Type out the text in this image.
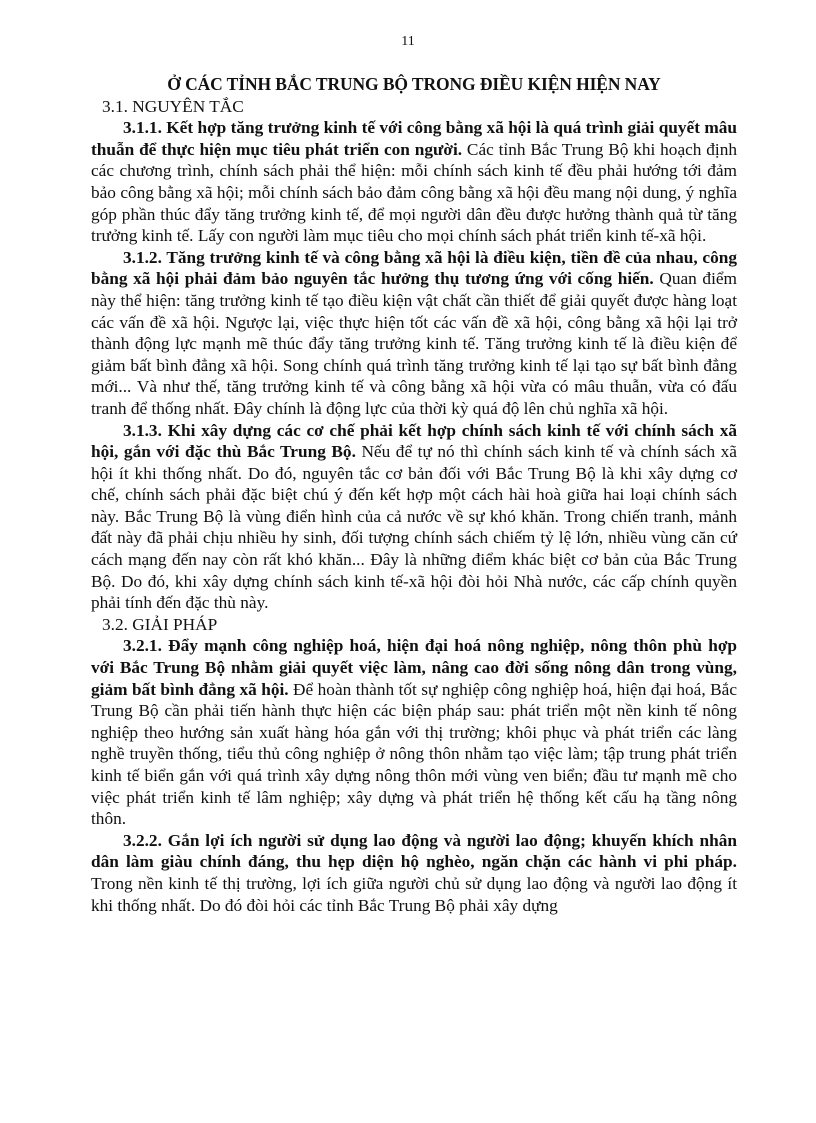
11

Ở CÁC TỈNH BẮC TRUNG BỘ TRONG ĐIỀU KIỆN HIỆN NAY

3.1. NGUYÊN TẮC

3.1.1. Kết hợp tăng trưởng kinh tế với công bằng xã hội là quá trình giải quyết mâu thuẫn để thực hiện mục tiêu phát triển con người. Các tỉnh Bắc Trung Bộ khi hoạch định các chương trình, chính sách phải thể hiện: mỗi chính sách kinh tế đều phải hướng tới đảm bảo công bằng xã hội; mỗi chính sách bảo đảm công bằng xã hội đều mang nội dung, ý nghĩa góp phần thúc đẩy tăng trưởng kinh tế, để mọi người dân đều được hưởng thành quả từ tăng trưởng kinh tế. Lấy con người làm mục tiêu cho mọi chính sách phát triển kinh tế-xã hội.

3.1.2. Tăng trưởng kinh tế và công bằng xã hội là điều kiện, tiền đề của nhau, công bằng xã hội phải đảm bảo nguyên tắc hưởng thụ tương ứng với cống hiến. Quan điểm này thể hiện: tăng trưởng kinh tế tạo điều kiện vật chất cần thiết để giải quyết được hàng loạt các vấn đề xã hội. Ngược lại, việc thực hiện tốt các vấn đề xã hội, công bằng xã hội lại trở thành động lực mạnh mẽ thúc đẩy tăng trưởng kinh tế. Tăng trưởng kinh tế là điều kiện để giảm bất bình đẳng xã hội. Song chính quá trình tăng trưởng kinh tế lại tạo sự bất bình đẳng mới... Và như thế, tăng trưởng kinh tế và công bằng xã hội vừa có mâu thuẫn, vừa có đấu tranh để thống nhất. Đây chính là động lực của thời kỳ quá độ lên chủ nghĩa xã hội.

3.1.3. Khi xây dựng các cơ chế phải kết hợp chính sách kinh tế với chính sách xã hội, gắn với đặc thù Bắc Trung Bộ. Nếu để tự nó thì chính sách kinh tế và chính sách xã hội ít khi thống nhất. Do đó, nguyên tắc cơ bản đối với Bắc Trung Bộ là khi xây dựng cơ chế, chính sách phải đặc biệt chú ý đến kết hợp một cách hài hoà giữa hai loại chính sách này. Bắc Trung Bộ là vùng điển hình của cả nước về sự khó khăn. Trong chiến tranh, mảnh đất này đã phải chịu nhiều hy sinh, đối tượng chính sách chiếm tỷ lệ lớn, nhiều vùng căn cứ cách mạng đến nay còn rất khó khăn... Đây là những điểm khác biệt cơ bản của Bắc Trung Bộ. Do đó, khi xây dựng chính sách kinh tế-xã hội đòi hỏi Nhà nước, các cấp chính quyền phải tính đến đặc thù này.

3.2. GIẢI PHÁP

3.2.1. Đẩy mạnh công nghiệp hoá, hiện đại hoá nông nghiệp, nông thôn phù hợp với Bắc Trung Bộ nhằm giải quyết việc làm, nâng cao đời sống nông dân trong vùng, giảm bất bình đẳng xã hội. Để hoàn thành tốt sự nghiệp công nghiệp hoá, hiện đại hoá, Bắc Trung Bộ cần phải tiến hành thực hiện các biện pháp sau: phát triển một nền kinh tế nông nghiệp theo hướng sản xuất hàng hóa gắn với thị trường; khôi phục và phát triển các làng nghề truyền thống, tiểu thủ công nghiệp ở nông thôn nhằm tạo việc làm; tập trung phát triển kinh tế biển gắn với quá trình xây dựng nông thôn mới vùng ven biển; đầu tư mạnh mẽ cho việc phát triển kinh tế lâm nghiệp; xây dựng và phát triển hệ thống kết cấu hạ tầng nông thôn.

3.2.2. Gắn lợi ích người sử dụng lao động và người lao động; khuyến khích nhân dân làm giàu chính đáng, thu hẹp diện hộ nghèo, ngăn chặn các hành vi phi pháp. Trong nền kinh tế thị trường, lợi ích giữa người chủ sử dụng lao động và người lao động ít khi thống nhất. Do đó đòi hỏi các tỉnh Bắc Trung Bộ phải xây dựng
